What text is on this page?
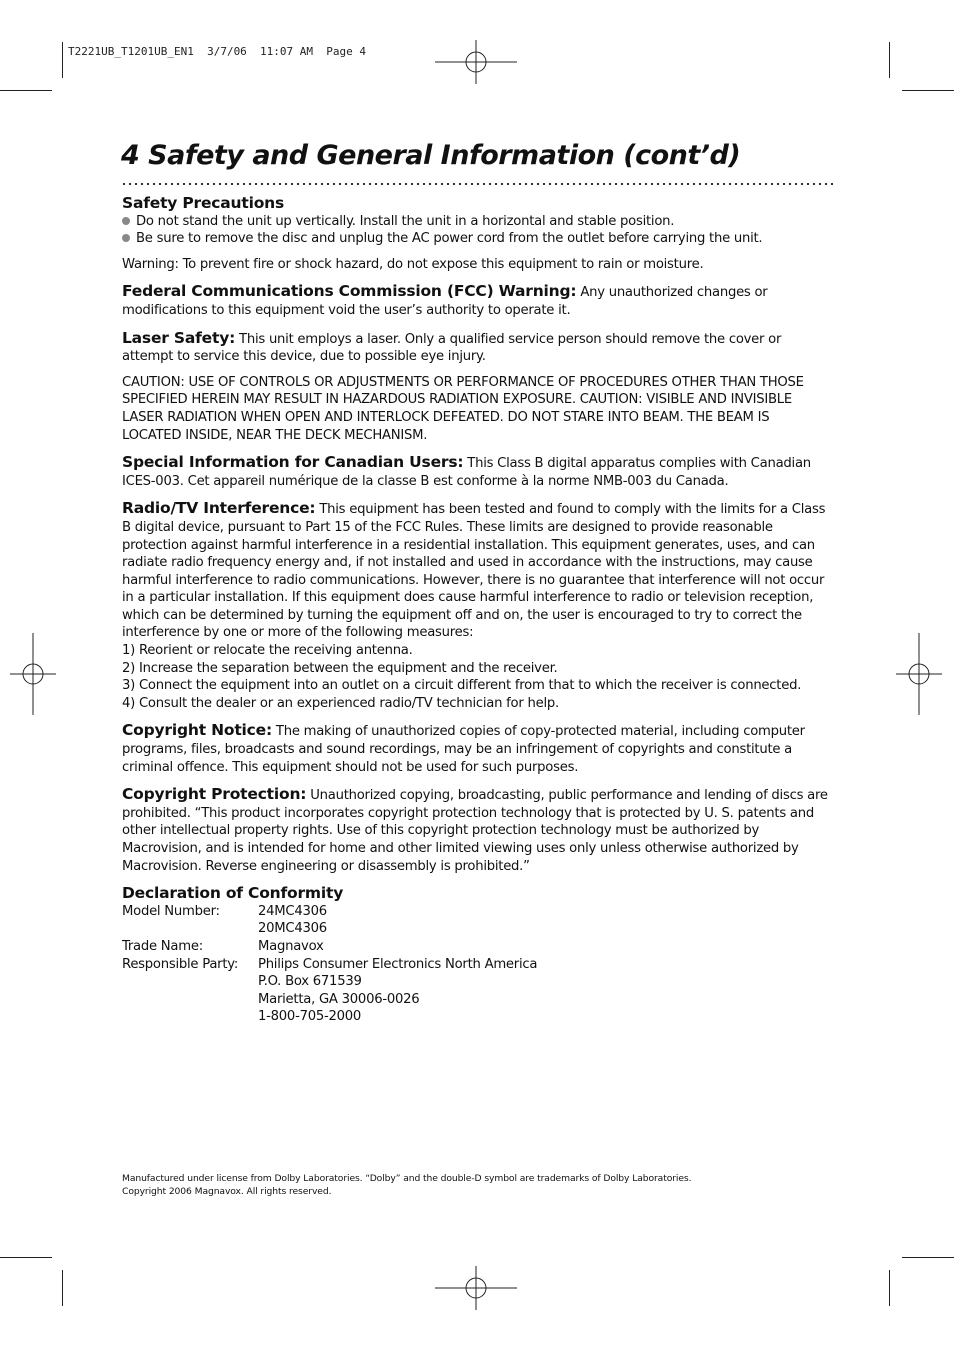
T2221UB_T1201UB_EN1  3/7/06  11:07 AM  Page 4
4 Safety and General Information (cont’d)

Safety Precautions

Do not stand the unit up vertically. Install the unit in a horizontal and stable position.

Be sure to remove the disc and unplug the AC power cord from the outlet before carrying the unit.

Warning: To prevent fire or shock hazard, do not expose this equipment to rain or moisture.

Federal Communications Commission (FCC) Warning: Any unauthorized changes or modifications to this equipment void the user’s authority to operate it.

Laser Safety: This unit employs a laser. Only a qualified service person should remove the cover or attempt to service this device, due to possible eye injury.

CAUTION: USE OF CONTROLS OR ADJUSTMENTS OR PERFORMANCE OF PROCEDURES OTHER THAN THOSE SPECIFIED HEREIN MAY RESULT IN HAZARDOUS RADIATION EXPOSURE. CAUTION: VISIBLE AND INVISIBLE LASER RADIATION WHEN OPEN AND INTERLOCK DEFEATED. DO NOT STARE INTO BEAM. THE BEAM IS LOCATED INSIDE, NEAR THE DECK MECHANISM.

Special Information for Canadian Users: This Class B digital apparatus complies with Canadian ICES-003. Cet appareil numérique de la classe B est conforme à la norme NMB-003 du Canada.

Radio/TV Interference: This equipment has been tested and found to comply with the limits for a Class B digital device, pursuant to Part 15 of the FCC Rules. These limits are designed to provide reasonable protection against harmful interference in a residential installation. This equipment generates, uses, and can radiate radio frequency energy and, if not installed and used in accordance with the instructions, may cause harmful interference to radio communications. However, there is no guarantee that interference will not occur in a particular installation. If this equipment does cause harmful interference to radio or television reception, which can be determined by turning the equipment off and on, the user is encouraged to try to correct the interference by one or more of the following measures:

1) Reorient or relocate the receiving antenna.

2) Increase the separation between the equipment and the receiver.

3) Connect the equipment into an outlet on a circuit different from that to which the receiver is connected.

4) Consult the dealer or an experienced radio/TV technician for help.

Copyright Notice: The making of unauthorized copies of copy-protected material, including computer programs, files, broadcasts and sound recordings, may be an infringement of copyrights and constitute a criminal offence. This equipment should not be used for such purposes.

Copyright Protection: Unauthorized copying, broadcasting, public performance and lending of discs are prohibited. “This product incorporates copyright protection technology that is protected by U. S. patents and other intellectual property rights. Use of this copyright protection technology must be authorized by Macrovision, and is intended for home and other limited viewing uses only unless otherwise authorized by Macrovision. Reverse engineering or disassembly is prohibited.”

Declaration of Conformity

Model Number:	24MC4306
	20MC4306
Trade Name:	Magnavox
Responsible Party:	Philips Consumer Electronics North America
	P.O. Box 671539
	Marietta, GA 30006-0026
	1-800-705-2000

Manufactured under license from Dolby Laboratories. “Dolby” and the double-D symbol are trademarks of Dolby Laboratories.

Copyright 2006 Magnavox. All rights reserved.
